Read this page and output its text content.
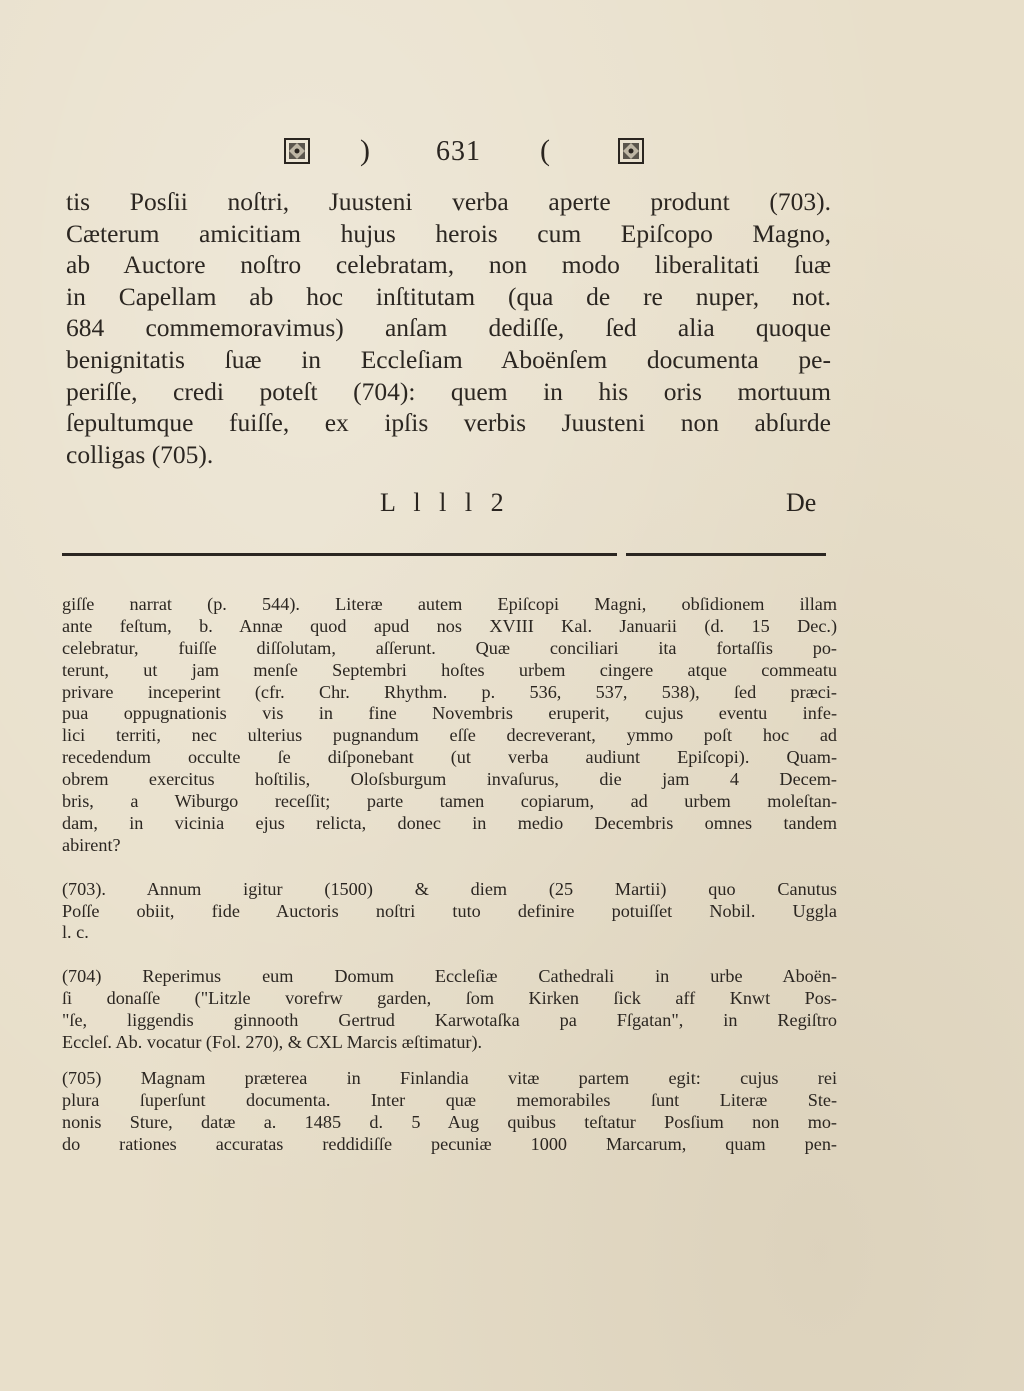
) 631 (
tis Posſii noſtri, Juusteni verba aperte produnt (703).
Cæterum amicitiam hujus herois cum Epiſcopo Magno,
ab Auctore noſtro celebratam, non modo liberalitati ſuæ
in Capellam ab hoc inſtitutam (qua de re nuper, not.
684 commemoravimus) anſam dediſſe, ſed alia quoque
benignitatis ſuæ in Eccleſiam Aboënſem documenta pe-
periſſe, credi poteſt (704): quem in his oris mortuum
ſepultumque fuiſſe, ex ipſis verbis Juusteni non abſurde
colligas (705).
L l l l 2	De
giſſe narrat (p. 544). Literæ autem Epiſcopi Magni, obſidionem illam
ante feſtum, b. Annæ quod apud nos XVIII Kal. Januarii (d. 15 Dec.)
celebratur, fuiſſe diſſolutam, aſſerunt. Quæ conciliari ita fortaſſis po-
terunt, ut jam menſe Septembri hoſtes urbem cingere atque commeatu
privare inceperint (cfr. Chr. Rhythm. p. 536, 537, 538), ſed præci-
pua oppugnationis vis in fine Novembris eruperit, cujus eventu infe-
lici territi, nec ulterius pugnandum eſſe decreverant, ymmo poſt hoc ad
recedendum occulte ſe diſponebant (ut verba audiunt Epiſcopi). Quam-
obrem exercitus hoſtilis, Oloſsburgum invaſurus, die jam 4 Decem-
bris, a Wiburgo receſſit; parte tamen copiarum, ad urbem moleſtan-
dam, in vicinia ejus relicta, donec in medio Decembris omnes tandem
abirent?
(703). Annum igitur (1500) & diem (25 Martii) quo Canutus
Poſſe obiit, fide Auctoris noſtri tuto definire potuiſſet Nobil. Uggla
l. c.
(704) Reperimus eum Domum Eccleſiæ Cathedrali in urbe Aboën-
ſi donaſſe ("Litzle vorefrw garden, ſom Kirken ſick aff Knwt Pos-
"ſe, liggendis ginnooth Gertrud Karwotaſka pa Fſgatan", in Regiſtro
Eccleſ. Ab. vocatur (Fol. 270), & CXL Marcis æſtimatur).
(705) Magnam præterea in Finlandia vitæ partem egit: cujus rei
plura ſuperſunt documenta. Inter quæ memorabiles ſunt Literæ Ste-
nonis Sture, datæ a. 1485 d. 5 Aug quibus teſtatur Posſium non mo-
do rationes accuratas reddidiſſe pecuniæ 1000 Marcarum, quam pen-
